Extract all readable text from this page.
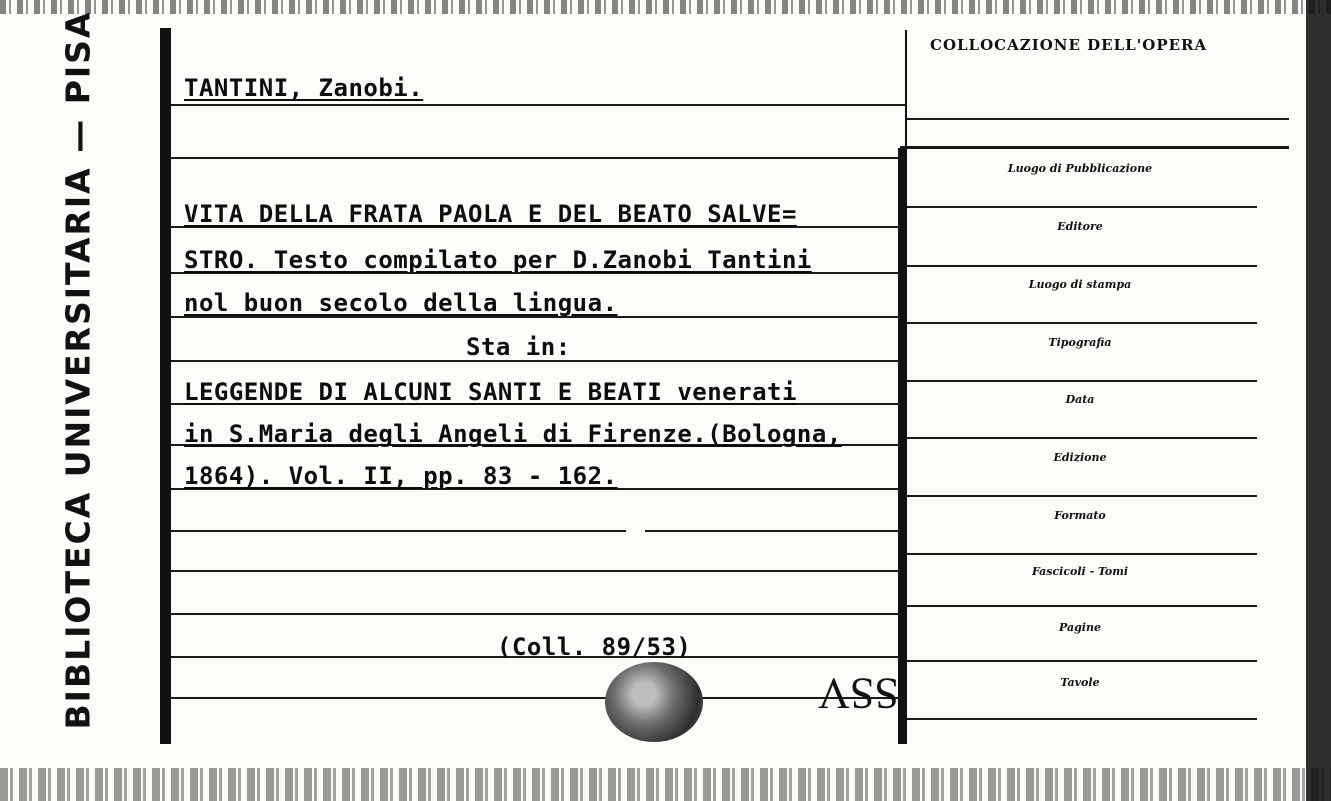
BIBLIOTECA UNIVERSITARIA — PISA	TANTINI, Zanobi.
VITA DELLA FRATA PAOLA E DEL BEATO SALVE=
STRO. Testo compilato per D.Zanobi Tantini
nol buon secolo della lingua.
Sta in:
LEGGENDE DI ALCUNI SANTI E BEATI venerati
in S.Maria degli Angeli di Firenze.(Bologna,
1864). Vol. II, pp. 83 - 162.
(Coll. 89/53)
SSV
COLLOCAZIONE DELL'OPERA
Luogo di Pubblicazione
Editore
Luogo di stampa
Tipografia
Data
Edizione
Formato
Fascicoli - Tomi
Pagine
Tavole
